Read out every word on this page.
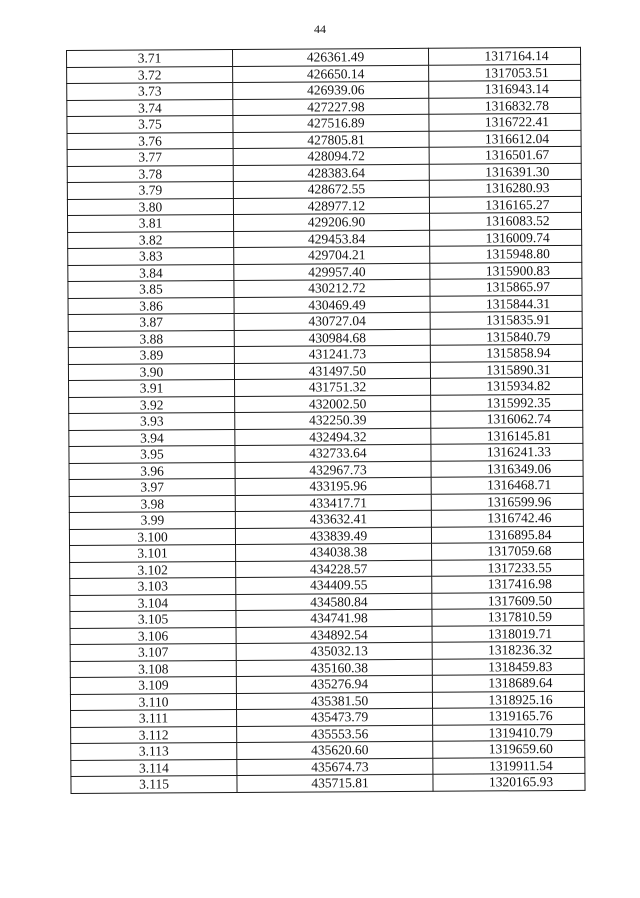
44
3.71	426361.49	1317164.14
3.72	426650.14	1317053.51
3.73	426939.06	1316943.14
3.74	427227.98	1316832.78
3.75	427516.89	1316722.41
3.76	427805.81	1316612.04
3.77	428094.72	1316501.67
3.78	428383.64	1316391.30
3.79	428672.55	1316280.93
3.80	428977.12	1316165.27
3.81	429206.90	1316083.52
3.82	429453.84	1316009.74
3.83	429704.21	1315948.80
3.84	429957.40	1315900.83
3.85	430212.72	1315865.97
3.86	430469.49	1315844.31
3.87	430727.04	1315835.91
3.88	430984.68	1315840.79
3.89	431241.73	1315858.94
3.90	431497.50	1315890.31
3.91	431751.32	1315934.82
3.92	432002.50	1315992.35
3.93	432250.39	1316062.74
3.94	432494.32	1316145.81
3.95	432733.64	1316241.33
3.96	432967.73	1316349.06
3.97	433195.96	1316468.71
3.98	433417.71	1316599.96
3.99	433632.41	1316742.46
3.100	433839.49	1316895.84
3.101	434038.38	1317059.68
3.102	434228.57	1317233.55
3.103	434409.55	1317416.98
3.104	434580.84	1317609.50
3.105	434741.98	1317810.59
3.106	434892.54	1318019.71
3.107	435032.13	1318236.32
3.108	435160.38	1318459.83
3.109	435276.94	1318689.64
3.110	435381.50	1318925.16
3.111	435473.79	1319165.76
3.112	435553.56	1319410.79
3.113	435620.60	1319659.60
3.114	435674.73	1319911.54
3.115	435715.81	1320165.93
